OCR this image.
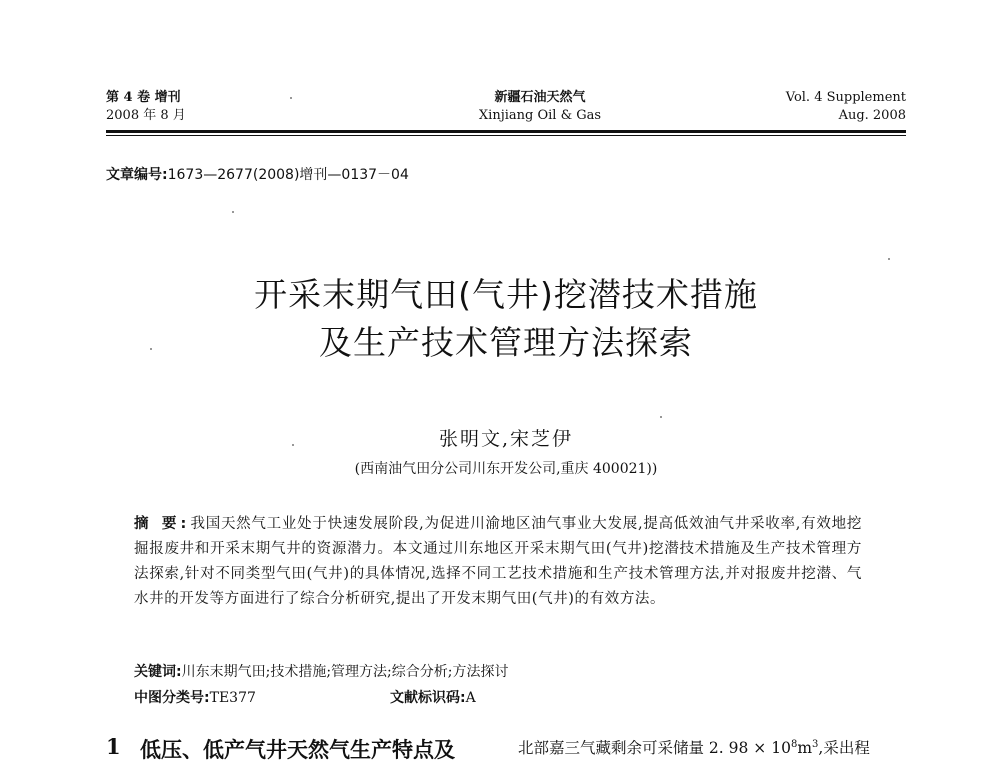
第 4 卷 增刊
2008 年 8 月
新疆石油天然气
Xinjiang Oil & Gas
Vol. 4 Supplement
Aug. 2008
文章编号:1673—2677(2008)增刊—0137－04
开采末期气田(气井)挖潜技术措施
及生产技术管理方法探索
张明文,宋芝伊
(西南油气田分公司川东开发公司,重庆 400021))
摘 要:我国天然气工业处于快速发展阶段,为促进川渝地区油气事业大发展,提高低效油气井采收率,有效地挖掘报废井和开采末期气井的资源潜力。本文通过川东地区开采末期气田(气井)挖潜技术措施及生产技术管理方法探索,针对不同类型气田(气井)的具体情况,选择不同工艺技术措施和生产技术管理方法,并对报废井挖潜、气水井的开发等方面进行了综合分析研究,提出了开发末期气田(气井)的有效方法。
关键词:川东末期气田;技术措施;管理方法;综合分析;方法探讨
中图分类号:TE377	文献标识码:A
1 低压、低产气井天然气生产特点及	北部嘉三气藏剩余可采储量 2. $98 \times 10^8m^3$,采出程
